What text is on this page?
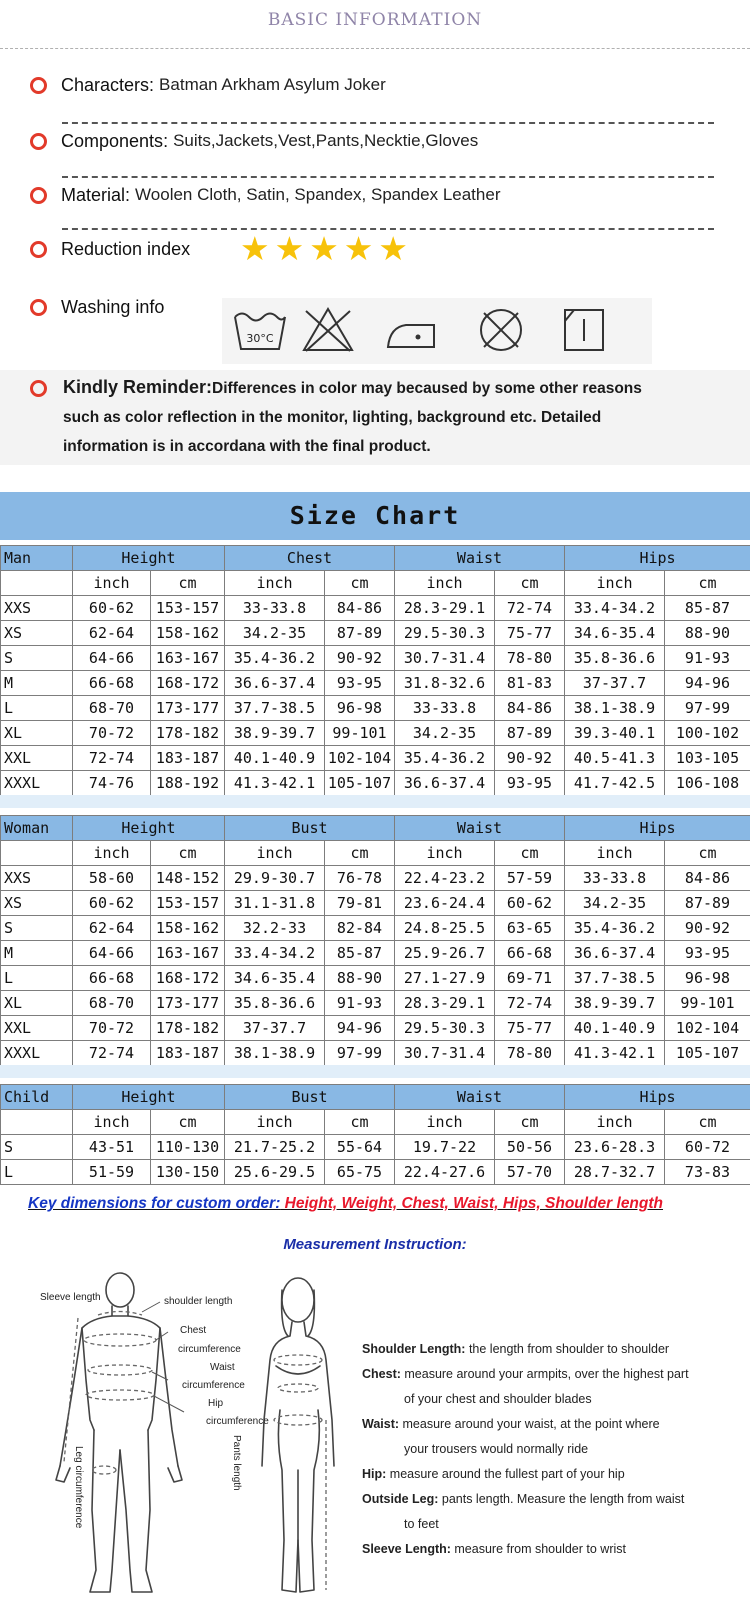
BASIC INFORMATION
Characters : Batman Arkham Asylum Joker
Components : Suits,Jackets,Vest,Pants,Necktie,Gloves
Material : Woolen Cloth, Satin, Spandex, Spandex Leather
Reduction index ★ ★ ★ ★ ★
Washing info
30°C
Kindly Reminder:Differences in color may becaused by some other reasons
such as color reflection in the monitor, lighting, background etc. Detailed
information is in accordana with the final product.
Size Chart
Man	Height		Chest		Waist		Hips	
	inch	cm	inch	cm	inch	cm	inch	cm
XXS	60-62	153-157	33-33.8	84-86	28.3-29.1	72-74	33.4-34.2	85-87
XS	62-64	158-162	34.2-35	87-89	29.5-30.3	75-77	34.6-35.4	88-90
S	64-66	163-167	35.4-36.2	90-92	30.7-31.4	78-80	35.8-36.6	91-93
M	66-68	168-172	36.6-37.4	93-95	31.8-32.6	81-83	37-37.7	94-96
L	68-70	173-177	37.7-38.5	96-98	33-33.8	84-86	38.1-38.9	97-99
XL	70-72	178-182	38.9-39.7	99-101	34.2-35	87-89	39.3-40.1	100-102
XXL	72-74	183-187	40.1-40.9	102-104	35.4-36.2	90-92	40.5-41.3	103-105
XXXL	74-76	188-192	41.3-42.1	105-107	36.6-37.4	93-95	41.7-42.5	106-108
Woman	Height		Bust		Waist		Hips	
	inch	cm	inch	cm	inch	cm	inch	cm
XXS	58-60	148-152	29.9-30.7	76-78	22.4-23.2	57-59	33-33.8	84-86
XS	60-62	153-157	31.1-31.8	79-81	23.6-24.4	60-62	34.2-35	87-89
S	62-64	158-162	32.2-33	82-84	24.8-25.5	63-65	35.4-36.2	90-92
M	64-66	163-167	33.4-34.2	85-87	25.9-26.7	66-68	36.6-37.4	93-95
L	66-68	168-172	34.6-35.4	88-90	27.1-27.9	69-71	37.7-38.5	96-98
XL	68-70	173-177	35.8-36.6	91-93	28.3-29.1	72-74	38.9-39.7	99-101
XXL	70-72	178-182	37-37.7	94-96	29.5-30.3	75-77	40.1-40.9	102-104
XXXL	72-74	183-187	38.1-38.9	97-99	30.7-31.4	78-80	41.3-42.1	105-107
Child	Height		Bust		Waist		Hips	
	inch	cm	inch	cm	inch	cm	inch	cm
S	43-51	110-130	21.7-25.2	55-64	19.7-22	50-56	23.6-28.3	60-72
L	51-59	130-150	25.6-29.5	65-75	22.4-27.6	57-70	28.7-32.7	73-83
Key dimensions for custom order: Height, Weight, Chest, Waist, Hips, Shoulder length
Measurement Instruction:
Sleeve length	shoulder length
Chest
circumference
Waist
circumference
Hip
circumference
Leg circumference	Pants length
Shoulder Length: the length from shoulder to shoulder
Chest: measure around your armpits, over the highest part
of your chest and shoulder blades
Waist: measure around your waist, at the point where
your trousers would normally ride
Hip: measure around the fullest part of your hip
Outside Leg: pants length. Measure the length from waist
to feet
Sleeve Length: measure from shoulder to wrist
